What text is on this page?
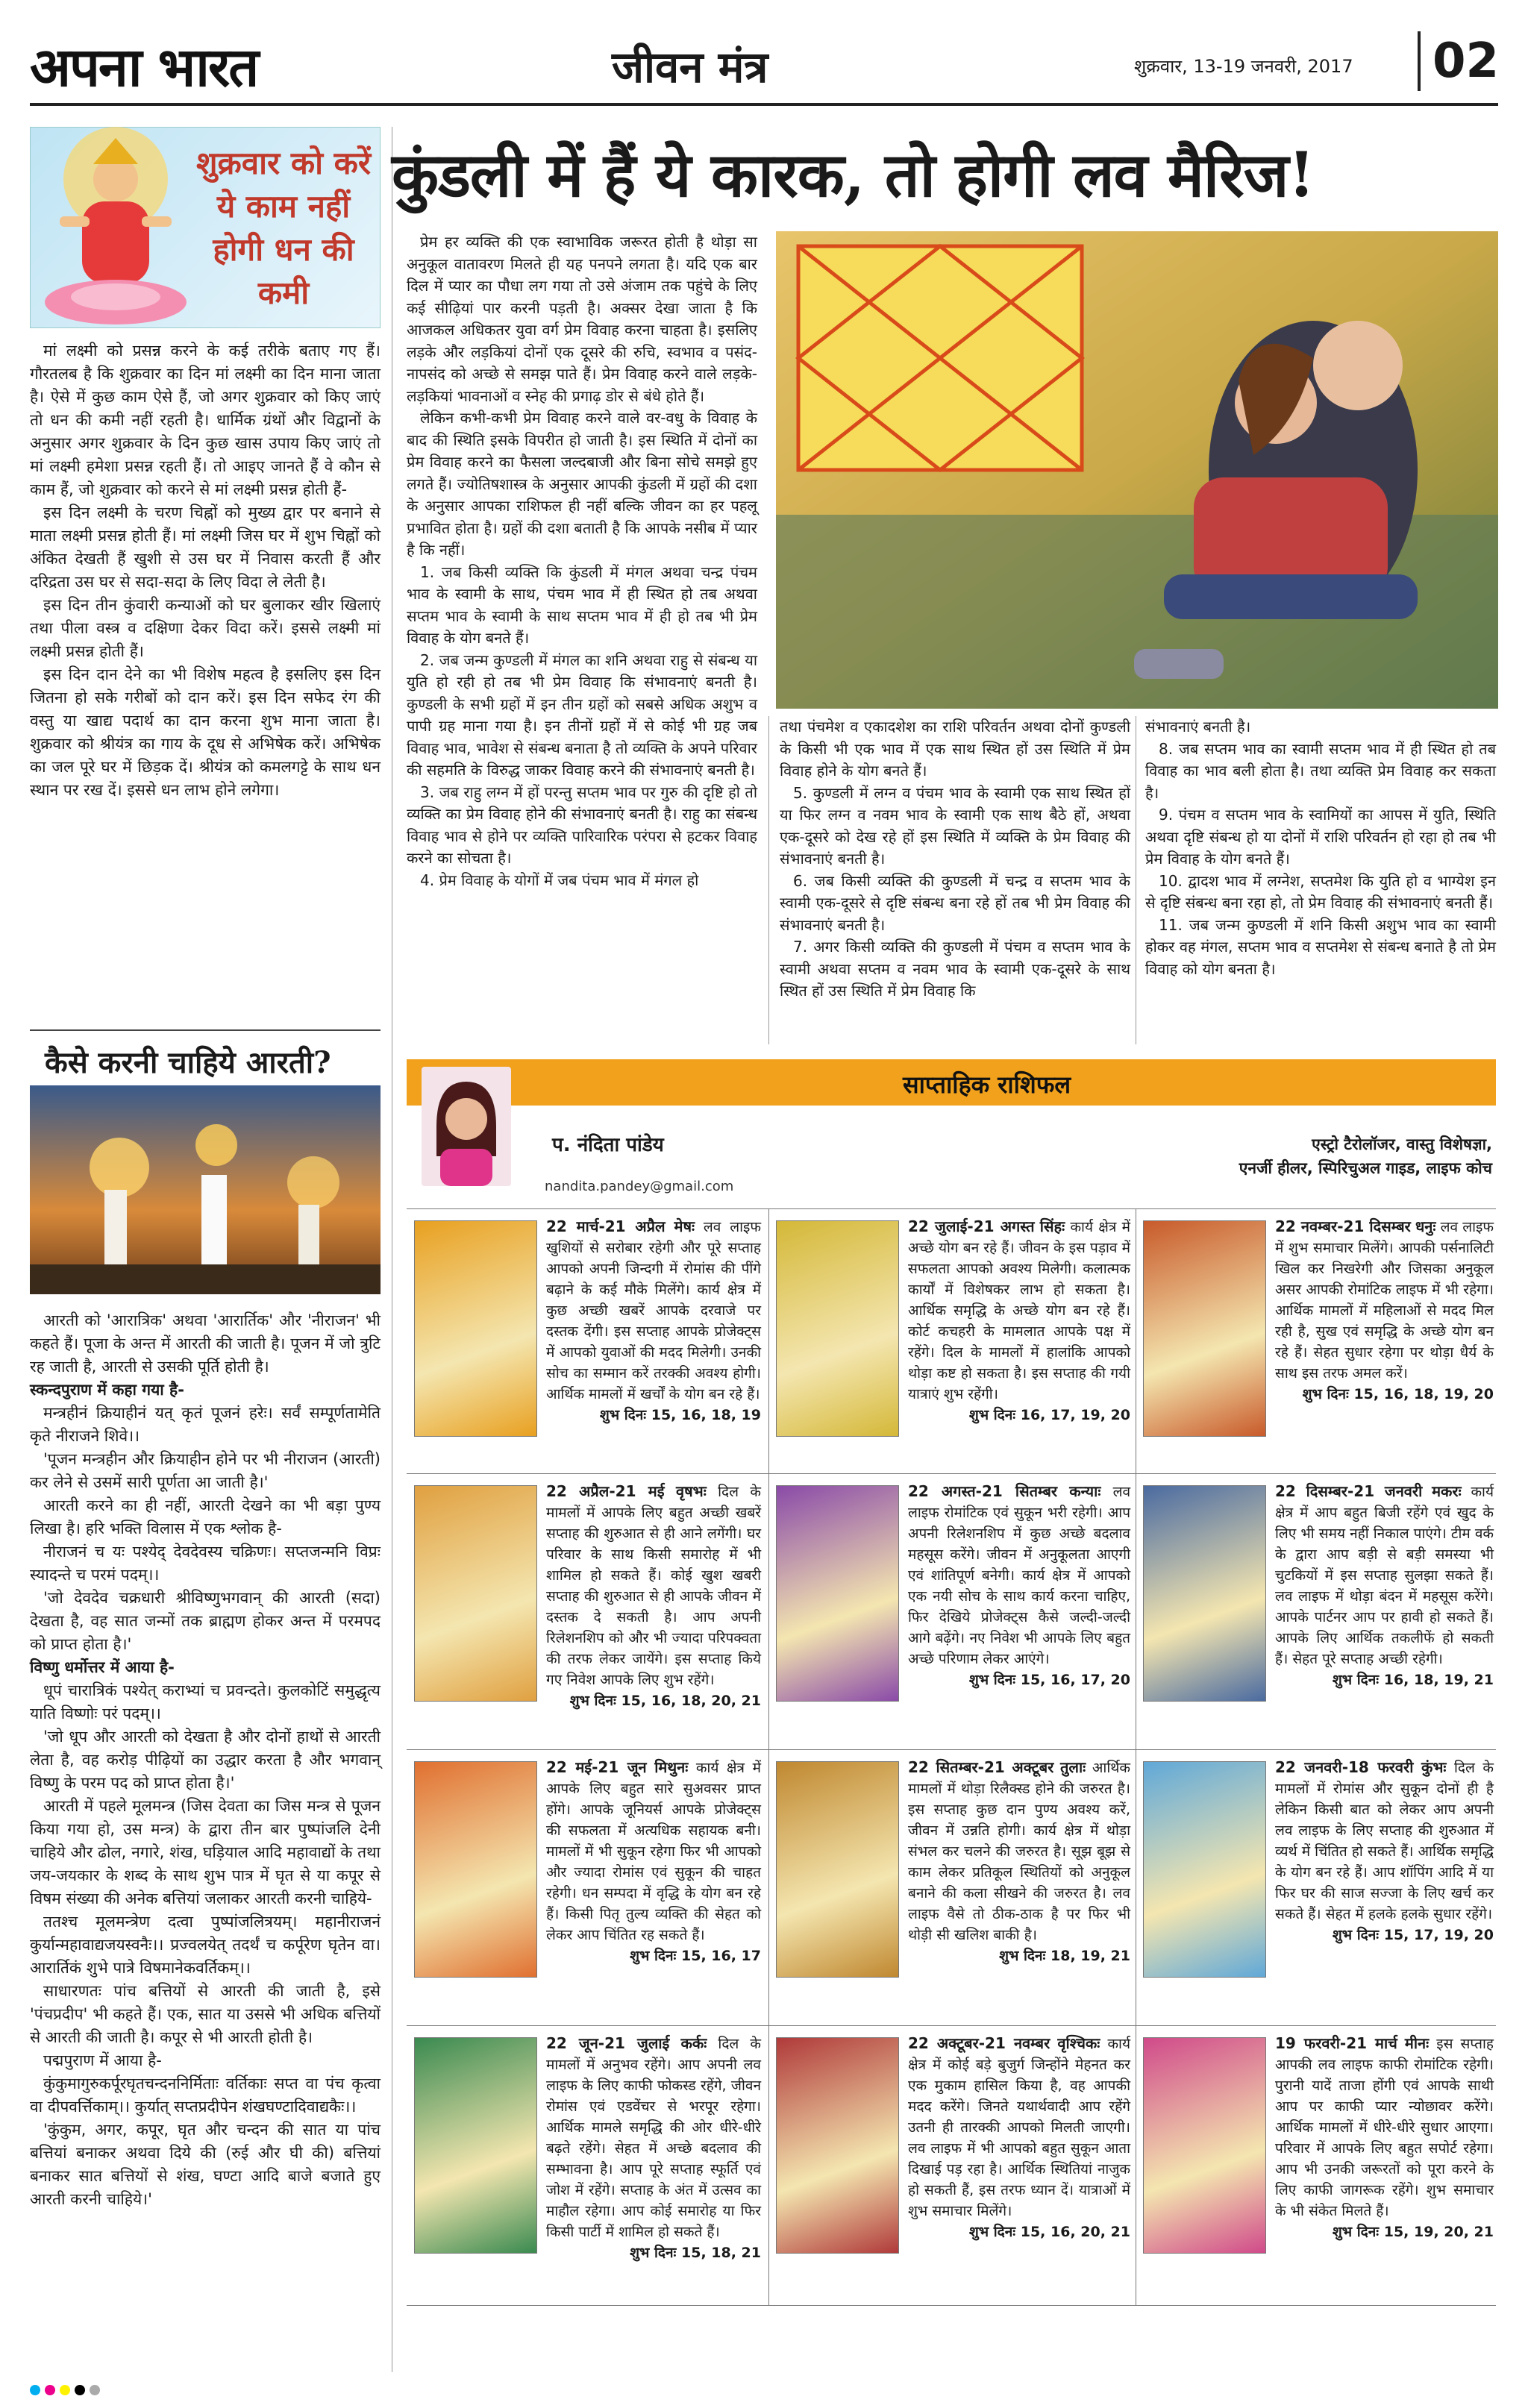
अपना भारत	जीवन मंत्र	शुक्रवार, 13-19 जनवरी, 2017	02
शुक्रवार को करें ये काम नहीं होगी धन की कमी

मां लक्ष्मी को प्रसन्न करने के कई तरीके बताए गए हैं। गौरतलब है कि शुक्रवार का दिन मां लक्ष्मी का दिन माना जाता है। ऐसे में कुछ काम ऐसे हैं, जो अगर शुक्रवार को किए जाएं तो धन की कमी नहीं रहती है। धार्मिक ग्रंथों और विद्वानों के अनुसार अगर शुक्रवार के दिन कुछ खास उपाय किए जाएं तो मां लक्ष्मी हमेशा प्रसन्न रहती हैं। तो आइए जानते हैं वे कौन से काम हैं, जो शुक्रवार को करने से मां लक्ष्मी प्रसन्न होती हैं-

इस दिन लक्ष्मी के चरण चिह्नों को मुख्य द्वार पर बनाने से माता लक्ष्मी प्रसन्न होती हैं। मां लक्ष्मी जिस घर में शुभ चिह्नों को अंकित देखती हैं खुशी से उस घर में निवास करती हैं और दरिद्रता उस घर से सदा-सदा के लिए विदा ले लेती है।

इस दिन तीन कुंवारी कन्याओं को घर बुलाकर खीर खिलाएं तथा पीला वस्त्र व दक्षिणा देकर विदा करें। इससे लक्ष्मी मां लक्ष्मी प्रसन्न होती हैं।

इस दिन दान देने का भी विशेष महत्व है इसलिए इस दिन जितना हो सके गरीबों को दान करें। इस दिन सफेद रंग की वस्तु या खाद्य पदार्थ का दान करना शुभ माना जाता है। शुक्रवार को श्रीयंत्र का गाय के दूध से अभिषेक करें। अभिषेक का जल पूरे घर में छिड़क दें। श्रीयंत्र को कमलगट्टे के साथ धन स्थान पर रख दें। इससे धन लाभ होने लगेगा।

कैसे करनी चाहिये आरती?

आरती को 'आरात्रिक' अथवा 'आरार्तिक' और 'नीराजन' भी कहते हैं। पूजा के अन्त में आरती की जाती है। पूजन में जो त्रुटि रह जाती है, आरती से उसकी पूर्ति होती है।

स्कन्दपुराण में कहा गया है-

मन्त्रहीनं क्रियाहीनं यत् कृतं पूजनं हरेः। सर्वं सम्पूर्णतामेति कृते नीराजने शिवे।।

'पूजन मन्त्रहीन और क्रियाहीन होने पर भी नीराजन (आरती) कर लेने से उसमें सारी पूर्णता आ जाती है।'

आरती करने का ही नहीं, आरती देखने का भी बड़ा पुण्य लिखा है। हरि भक्ति विलास में एक श्लोक है-

नीराजनं च यः पश्येद् देवदेवस्य चक्रिणः। सप्तजन्मनि विप्रः स्यादन्ते च परमं पदम्।।

'जो देवदेव चक्रधारी श्रीविष्णुभगवान् की आरती (सदा) देखता है, वह सात जन्मों तक ब्राह्मण होकर अन्त में परमपद को प्राप्त होता है।'

विष्णु धर्मोत्तर में आया है-

धूपं चारात्रिकं पश्येत् कराभ्यां च प्रवन्दते। कुलकोटिं समुद्धृत्य याति विष्णोः परं पदम्।।

'जो धूप और आरती को देखता है और दोनों हाथों से आरती लेता है, वह करोड़ पीढ़ियों का उद्धार करता है और भगवान् विष्णु के परम पद को प्राप्त होता है।'

आरती में पहले मूलमन्त्र (जिस देवता का जिस मन्त्र से पूजन किया गया हो, उस मन्त्र) के द्वारा तीन बार पुष्पांजलि देनी चाहिये और ढोल, नगारे, शंख, घड़ियाल आदि महावाद्यों के तथा जय-जयकार के शब्द के साथ शुभ पात्र में घृत से या कपूर से विषम संख्या की अनेक बत्तियां जलाकर आरती करनी चाहिये-

ततश्च मूलमन्त्रेण दत्वा पुष्पांजलित्रयम्। महानीराजनं कुर्यान्महावाद्यजयस्वनैः।। प्रज्वलयेत् तदर्थं च कर्पूरेण घृतेन वा। आरार्तिकं शुभे पात्रे विषमानेकवर्तिकम्।।

साधारणतः पांच बत्तियों से आरती की जाती है, इसे 'पंचप्रदीप' भी कहते हैं। एक, सात या उससे भी अधिक बत्तियों से आरती की जाती है। कपूर से भी आरती होती है।

पद्मपुराण में आया है-

कुंकुमागुरुकर्पूरघृतचन्दननिर्मिताः वर्तिकाः सप्त वा पंच कृत्वा वा दीपवर्त्तिकाम्।। कुर्यात् सप्तप्रदीपेन शंखघण्टादिवाद्यकैः।।

'कुंकुम, अगर, कपूर, घृत और चन्दन की सात या पांच बत्तियां बनाकर अथवा दिये की (रुई और घी की) बत्तियां बनाकर सात बत्तियों से शंख, घण्टा आदि बाजे बजाते हुए आरती करनी चाहिये।'

कुंडली में हैं ये कारक, तो होगी लव मैरिज!

प्रेम हर व्यक्ति की एक स्वाभाविक जरूरत होती है थोड़ा सा अनुकूल वातावरण मिलते ही यह पनपने लगता है। यदि एक बार दिल में प्यार का पौधा लग गया तो उसे अंजाम तक पहुंचे के लिए कई सीढ़ियां पार करनी पड़ती है। अक्सर देखा जाता है कि आजकल अधिकतर युवा वर्ग प्रेम विवाह करना चाहता है। इसलिए लड़के और लड़कियां दोनों एक दूसरे की रुचि, स्वभाव व पसंद-नापसंद को अच्छे से समझ पाते हैं। प्रेम विवाह करने वाले लड़के-लड़कियां भावनाओं व स्नेह की प्रगाढ़ डोर से बंधे होते हैं।

लेकिन कभी-कभी प्रेम विवाह करने वाले वर-वधु के विवाह के बाद की स्थिति इसके विपरीत हो जाती है। इस स्थिति में दोनों का प्रेम विवाह करने का फैसला जल्दबाजी और बिना सोचे समझे हुए लगते हैं। ज्योतिषशास्त्र के अनुसार आपकी कुंडली में ग्रहों की दशा के अनुसार आपका राशिफल ही नहीं बल्कि जीवन का हर पहलू प्रभावित होता है। ग्रहों की दशा बताती है कि आपके नसीब में प्यार है कि नहीं।

1. जब किसी व्यक्ति कि कुंडली में मंगल अथवा चन्द्र पंचम भाव के स्वामी के साथ, पंचम भाव में ही स्थित हो तब अथवा सप्तम भाव के स्वामी के साथ सप्तम भाव में ही हो तब भी प्रेम विवाह के योग बनते हैं।

2. जब जन्म कुण्डली में मंगल का शनि अथवा राहु से संबन्ध या युति हो रही हो तब भी प्रेम विवाह कि संभावनाएं बनती है। कुण्डली के सभी ग्रहों में इन तीन ग्रहों को सबसे अधिक अशुभ व पापी ग्रह माना गया है। इन तीनों ग्रहों में से कोई भी ग्रह जब विवाह भाव, भावेश से संबन्ध बनाता है तो व्यक्ति के अपने परिवार की सहमति के विरुद्ध जाकर विवाह करने की संभावनाएं बनती है।

3. जब राहु लग्न में हों परन्तु सप्तम भाव पर गुरु की दृष्टि हो तो व्यक्ति का प्रेम विवाह होने की संभावनाएं बनती है। राहु का संबन्ध विवाह भाव से होने पर व्यक्ति पारिवारिक परंपरा से हटकर विवाह करने का सोचता है।

4. प्रेम विवाह के योगों में जब पंचम भाव में मंगल हो

तथा पंचमेश व एकादशेश का राशि परिवर्तन अथवा दोनों कुण्डली के किसी भी एक भाव में एक साथ स्थित हों उस स्थिति में प्रेम विवाह होने के योग बनते हैं।

5. कुण्डली में लग्न व पंचम भाव के स्वामी एक साथ स्थित हों या फिर लग्न व नवम भाव के स्वामी एक साथ बैठे हों, अथवा एक-दूसरे को देख रहे हों इस स्थिति में व्यक्ति के प्रेम विवाह की संभावनाएं बनती है।

6. जब किसी व्यक्ति की कुण्डली में चन्द्र व सप्तम भाव के स्वामी एक-दूसरे से दृष्टि संबन्ध बना रहे हों तब भी प्रेम विवाह की संभावनाएं बनती है।

7. अगर किसी व्यक्ति की कुण्डली में पंचम व सप्तम भाव के स्वामी अथवा सप्तम व नवम भाव के स्वामी एक-दूसरे के साथ स्थित हों उस स्थिति में प्रेम विवाह कि

संभावनाएं बनती है।

8. जब सप्तम भाव का स्वामी सप्तम भाव में ही स्थित हो तब विवाह का भाव बली होता है। तथा व्यक्ति प्रेम विवाह कर सकता है।

9. पंचम व सप्तम भाव के स्वामियों का आपस में युति, स्थिति अथवा दृष्टि संबन्ध हो या दोनों में राशि परिवर्तन हो रहा हो तब भी प्रेम विवाह के योग बनते हैं।

10. द्वादश भाव में लग्नेश, सप्तमेश कि युति हो व भाग्येश इन से दृष्टि संबन्ध बना रहा हो, तो प्रेम विवाह की संभावनाएं बनती हैं।

11. जब जन्म कुण्डली में शनि किसी अशुभ भाव का स्वामी होकर वह मंगल, सप्तम भाव व सप्तमेश से संबन्ध बनाते है तो प्रेम विवाह को योग बनता है।

साप्ताहिक राशिफल
प. नंदिता पांडेय
nandita.pandey@gmail.com
एस्ट्रो टैरोलॉजर, वास्तु विशेषज्ञा,
एनर्जी हीलर, स्पिरिचुअल गाइड, लाइफ कोच
22 मार्च-21 अप्रैल मेषः लव लाइफ खुशियों से सरोबार रहेगी और पूरे सप्ताह आपको अपनी जिन्दगी में रोमांस की पींगे बढ़ाने के कई मौके मिलेंगे। कार्य क्षेत्र में कुछ अच्छी खबरें आपके दरवाजे पर दस्तक देंगी। इस सप्ताह आपके प्रोजेक्ट्स में आपको युवाओं की मदद मिलेगी। उनकी सोच का सम्मान करें तरक्की अवश्य होगी। आर्थिक मामलों में खर्चों के योग बन रहे हैं।
शुभ दिनः 15, 16, 18, 19
22 जुलाई-21 अगस्त सिंहः कार्य क्षेत्र में अच्छे योग बन रहे हैं। जीवन के इस पड़ाव में सफलता आपको अवश्य मिलेगी। कलात्मक कार्यों में विशेषकर लाभ हो सकता है। आर्थिक समृद्धि के अच्छे योग बन रहे हैं। कोर्ट कचहरी के मामलात आपके पक्ष में रहेंगे। दिल के मामलों में हालांकि आपको थोड़ा कष्ट हो सकता है। इस सप्ताह की गयी यात्राएं शुभ रहेंगी।
शुभ दिनः 16, 17, 19, 20
22 नवम्बर-21 दिसम्बर धनुः लव लाइफ में शुभ समाचार मिलेंगे। आपकी पर्सनालिटी खिल कर निखरेगी और जिसका अनुकूल असर आपकी रोमांटिक लाइफ में भी रहेगा। आर्थिक मामलों में महिलाओं से मदद मिल रही है, सुख एवं समृद्धि के अच्छे योग बन रहे हैं। सेहत सुधार रहेगा पर थोड़ा धैर्य के साथ इस तरफ अमल करें।
शुभ दिनः 15, 16, 18, 19, 20
22 अप्रैल-21 मई वृषभः दिल के मामलों में आपके लिए बहुत अच्छी खबरें सप्ताह की शुरुआत से ही आने लगेंगी। घर परिवार के साथ किसी समारोह में भी शामिल हो सकते हैं। कोई खुश खबरी सप्ताह की शुरुआत से ही आपके जीवन में दस्तक दे सकती है। आप अपनी रिलेशनशिप को और भी ज्यादा परिपक्वता की तरफ लेकर जायेंगे। इस सप्ताह किये गए निवेश आपके लिए शुभ रहेंगे।
शुभ दिनः 15, 16, 18, 20, 21
22 अगस्त-21 सितम्बर कन्याः लव लाइफ रोमांटिक एवं सुकून भरी रहेगी। आप अपनी रिलेशनशिप में कुछ अच्छे बदलाव महसूस करेंगे। जीवन में अनुकूलता आएगी एवं शांतिपूर्ण बनेगी। कार्य क्षेत्र में आपको एक नयी सोच के साथ कार्य करना चाहिए, फिर देखिये प्रोजेक्ट्स कैसे जल्दी-जल्दी आगे बढ़ेंगे। नए निवेश भी आपके लिए बहुत अच्छे परिणाम लेकर आएंगे।
शुभ दिनः 15, 16, 17, 20
22 दिसम्बर-21 जनवरी मकरः कार्य क्षेत्र में आप बहुत बिजी रहेंगे एवं खुद के लिए भी समय नहीं निकाल पाएंगे। टीम वर्क के द्वारा आप बड़ी से बड़ी समस्या भी चुटकियों में इस सप्ताह सुलझा सकते हैं। लव लाइफ में थोड़ा बंदन में महसूस करेंगे। आपके पार्टनर आप पर हावी हो सकते हैं। आपके लिए आर्थिक तकलीफें हो सकती हैं। सेहत पूरे सप्ताह अच्छी रहेगी।
शुभ दिनः 16, 18, 19, 21
22 मई-21 जून मिथुनः कार्य क्षेत्र में आपके लिए बहुत सारे सुअवसर प्राप्त होंगे। आपके जूनियर्स आपके प्रोजेक्ट्स की सफलता में अत्यधिक सहायक बनी। मामलों में भी सुकून रहेगा फिर भी आपको और ज्यादा रोमांस एवं सुकून की चाहत रहेगी। धन सम्पदा में वृद्धि के योग बन रहे हैं। किसी पितृ तुल्य व्यक्ति की सेहत को लेकर आप चिंतित रह सकते हैं।
शुभ दिनः 15, 16, 17
22 सितम्बर-21 अक्टूबर तुलाः आर्थिक मामलों में थोड़ा रिलैक्स्ड होने की जरुरत है। इस सप्ताह कुछ दान पुण्य अवश्य करें, जीवन में उन्नति होगी। कार्य क्षेत्र में थोड़ा संभल कर चलने की जरुरत है। सूझ बूझ से काम लेकर प्रतिकूल स्थितियों को अनुकूल बनाने की कला सीखने की जरुरत है। लव लाइफ वैसे तो ठीक-ठाक है पर फिर भी थोड़ी सी खलिश बाकी है।
शुभ दिनः 18, 19, 21
22 जनवरी-18 फरवरी कुंभः दिल के मामलों में रोमांस और सुकून दोनों ही है लेकिन किसी बात को लेकर आप अपनी लव लाइफ के लिए सप्ताह की शुरुआत में व्यर्थ में चिंतित हो सकते हैं। आर्थिक समृद्धि के योग बन रहे हैं। आप शॉपिंग आदि में या फिर घर की साज सज्जा के लिए खर्च कर सकते हैं। सेहत में हलके हलके सुधार रहेंगे।
शुभ दिनः 15, 17, 19, 20
22 जून-21 जुलाई कर्कः दिल के मामलों में अनुभव रहेंगे। आप अपनी लव लाइफ के लिए काफी फोकस्ड रहेंगे, जीवन रोमांस एवं एडवेंचर से भरपूर रहेगा। आर्थिक मामले समृद्धि की ओर धीरे-धीरे बढ़ते रहेंगे। सेहत में अच्छे बदलाव की सम्भावना है। आप पूरे सप्ताह स्फूर्ति एवं जोश में रहेंगे। सप्ताह के अंत में उत्सव का माहौल रहेगा। आप कोई समारोह या फिर किसी पार्टी में शामिल हो सकते हैं।
शुभ दिनः 15, 18, 21
22 अक्टूबर-21 नवम्बर वृश्चिकः कार्य क्षेत्र में कोई बड़े बुजुर्ग जिन्होंने मेहनत कर एक मुकाम हासिल किया है, वह आपकी मदद करेंगे। जिनते यथार्थवादी आप रहेंगे उतनी ही तारक्की आपको मिलती जाएगी। लव लाइफ में भी आपको बहुत सुकून आता दिखाई पड़ रहा है। आर्थिक स्थितियां नाजुक हो सकती हैं, इस तरफ ध्यान दें। यात्राओं में शुभ समाचार मिलेंगे।
शुभ दिनः 15, 16, 20, 21
19 फरवरी-21 मार्च मीनः इस सप्ताह आपकी लव लाइफ काफी रोमांटिक रहेगी। पुरानी यादें ताजा होंगी एवं आपके साथी आप पर काफी प्यार न्योछावर करेंगे। आर्थिक मामलों में धीरे-धीरे सुधार आएगा। परिवार में आपके लिए बहुत सपोर्ट रहेगा। आप भी उनकी जरूरतों को पूरा करने के लिए काफी जागरूक रहेंगे। शुभ समाचार के भी संकेत मिलते हैं।
शुभ दिनः 15, 19, 20, 21
